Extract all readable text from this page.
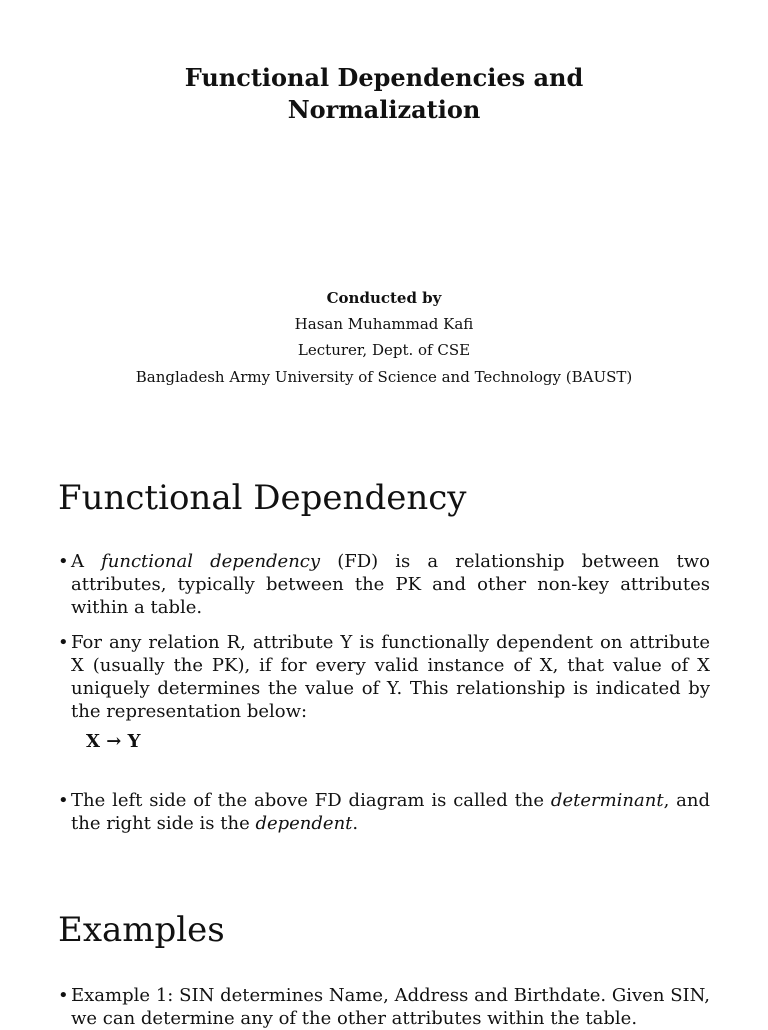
Functional Dependencies and
Normalization
Conducted by
Hasan Muhammad Kafi
Lecturer, Dept. of CSE
Bangladesh Army University of Science and Technology (BAUST)
Functional Dependency
• A functional dependency (FD) is a relationship between two attributes, typically between the PK and other non-key attributes within a table.
• For any relation R, attribute Y is functionally dependent on attribute X (usually the PK), if for every valid instance of X, that value of X uniquely determines the value of Y. This relationship is indicated by the representation below:
X → Y
• The left side of the above FD diagram is called the determinant, and the right side is the dependent.
Examples
• Example 1: SIN determines Name, Address and Birthdate. Given SIN, we can determine any of the other attributes within the table.
